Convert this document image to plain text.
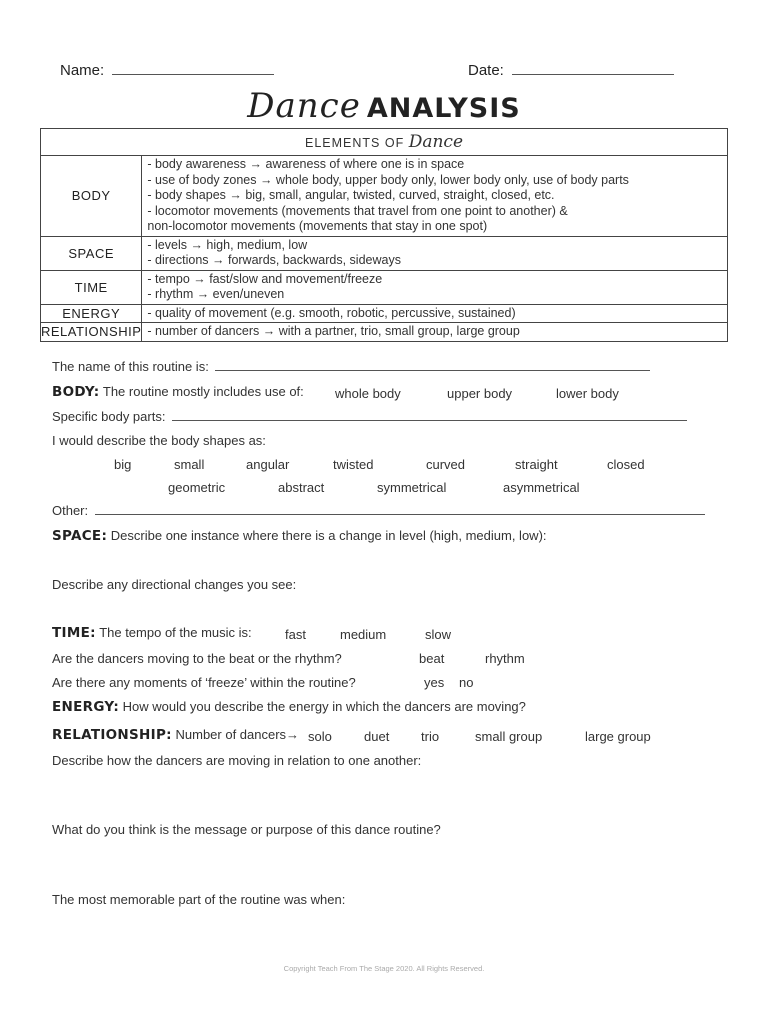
Name:	Date:
Dance ANALYSIS
ELEMENTS OF Dance	
BODY	- body awareness → awareness of where one is in space
- use of body zones → whole body, upper body only, lower body only, use of body parts
- body shapes → big, small, angular, twisted, curved, straight, closed, etc.
- locomotor movements (movements that travel from one point to another) &
non-locomotor movements (movements that stay in one spot)

SPACE	- levels → high, medium, low
- directions → forwards, backwards, sideways

TIME	- tempo → fast/slow and movement/freeze
- rhythm → even/uneven

ENERGY	- quality of movement (e.g. smooth, robotic, percussive, sustained)

RELATIONSHIP	- number of dancers → with a partner, trio, small group, large group
The name of this routine is:
BODY: The routine mostly includes use of: whole body	upper body	lower body
Specific body parts:
I would describe the body shapes as:
big	small	angular	twisted	curved	straight	closed
geometric	abstract	symmetrical	asymmetrical
Other:
SPACE: Describe one instance where there is a change in level (high, medium, low):
Describe any directional changes you see:
TIME: The tempo of the music is:	fast	medium	slow
Are the dancers moving to the beat or the rhythm?	beat	rhythm
Are there any moments of ‘freeze’ within the routine?	yes no
ENERGY: How would you describe the energy in which the dancers are moving?
RELATIONSHIP: Number of dancers→ solo duet trio	small group	large group
Describe how the dancers are moving in relation to one another:
What do you think is the message or purpose of this dance routine?
The most memorable part of the routine was when:
Copyright Teach From The Stage 2020. All Rights Reserved.
